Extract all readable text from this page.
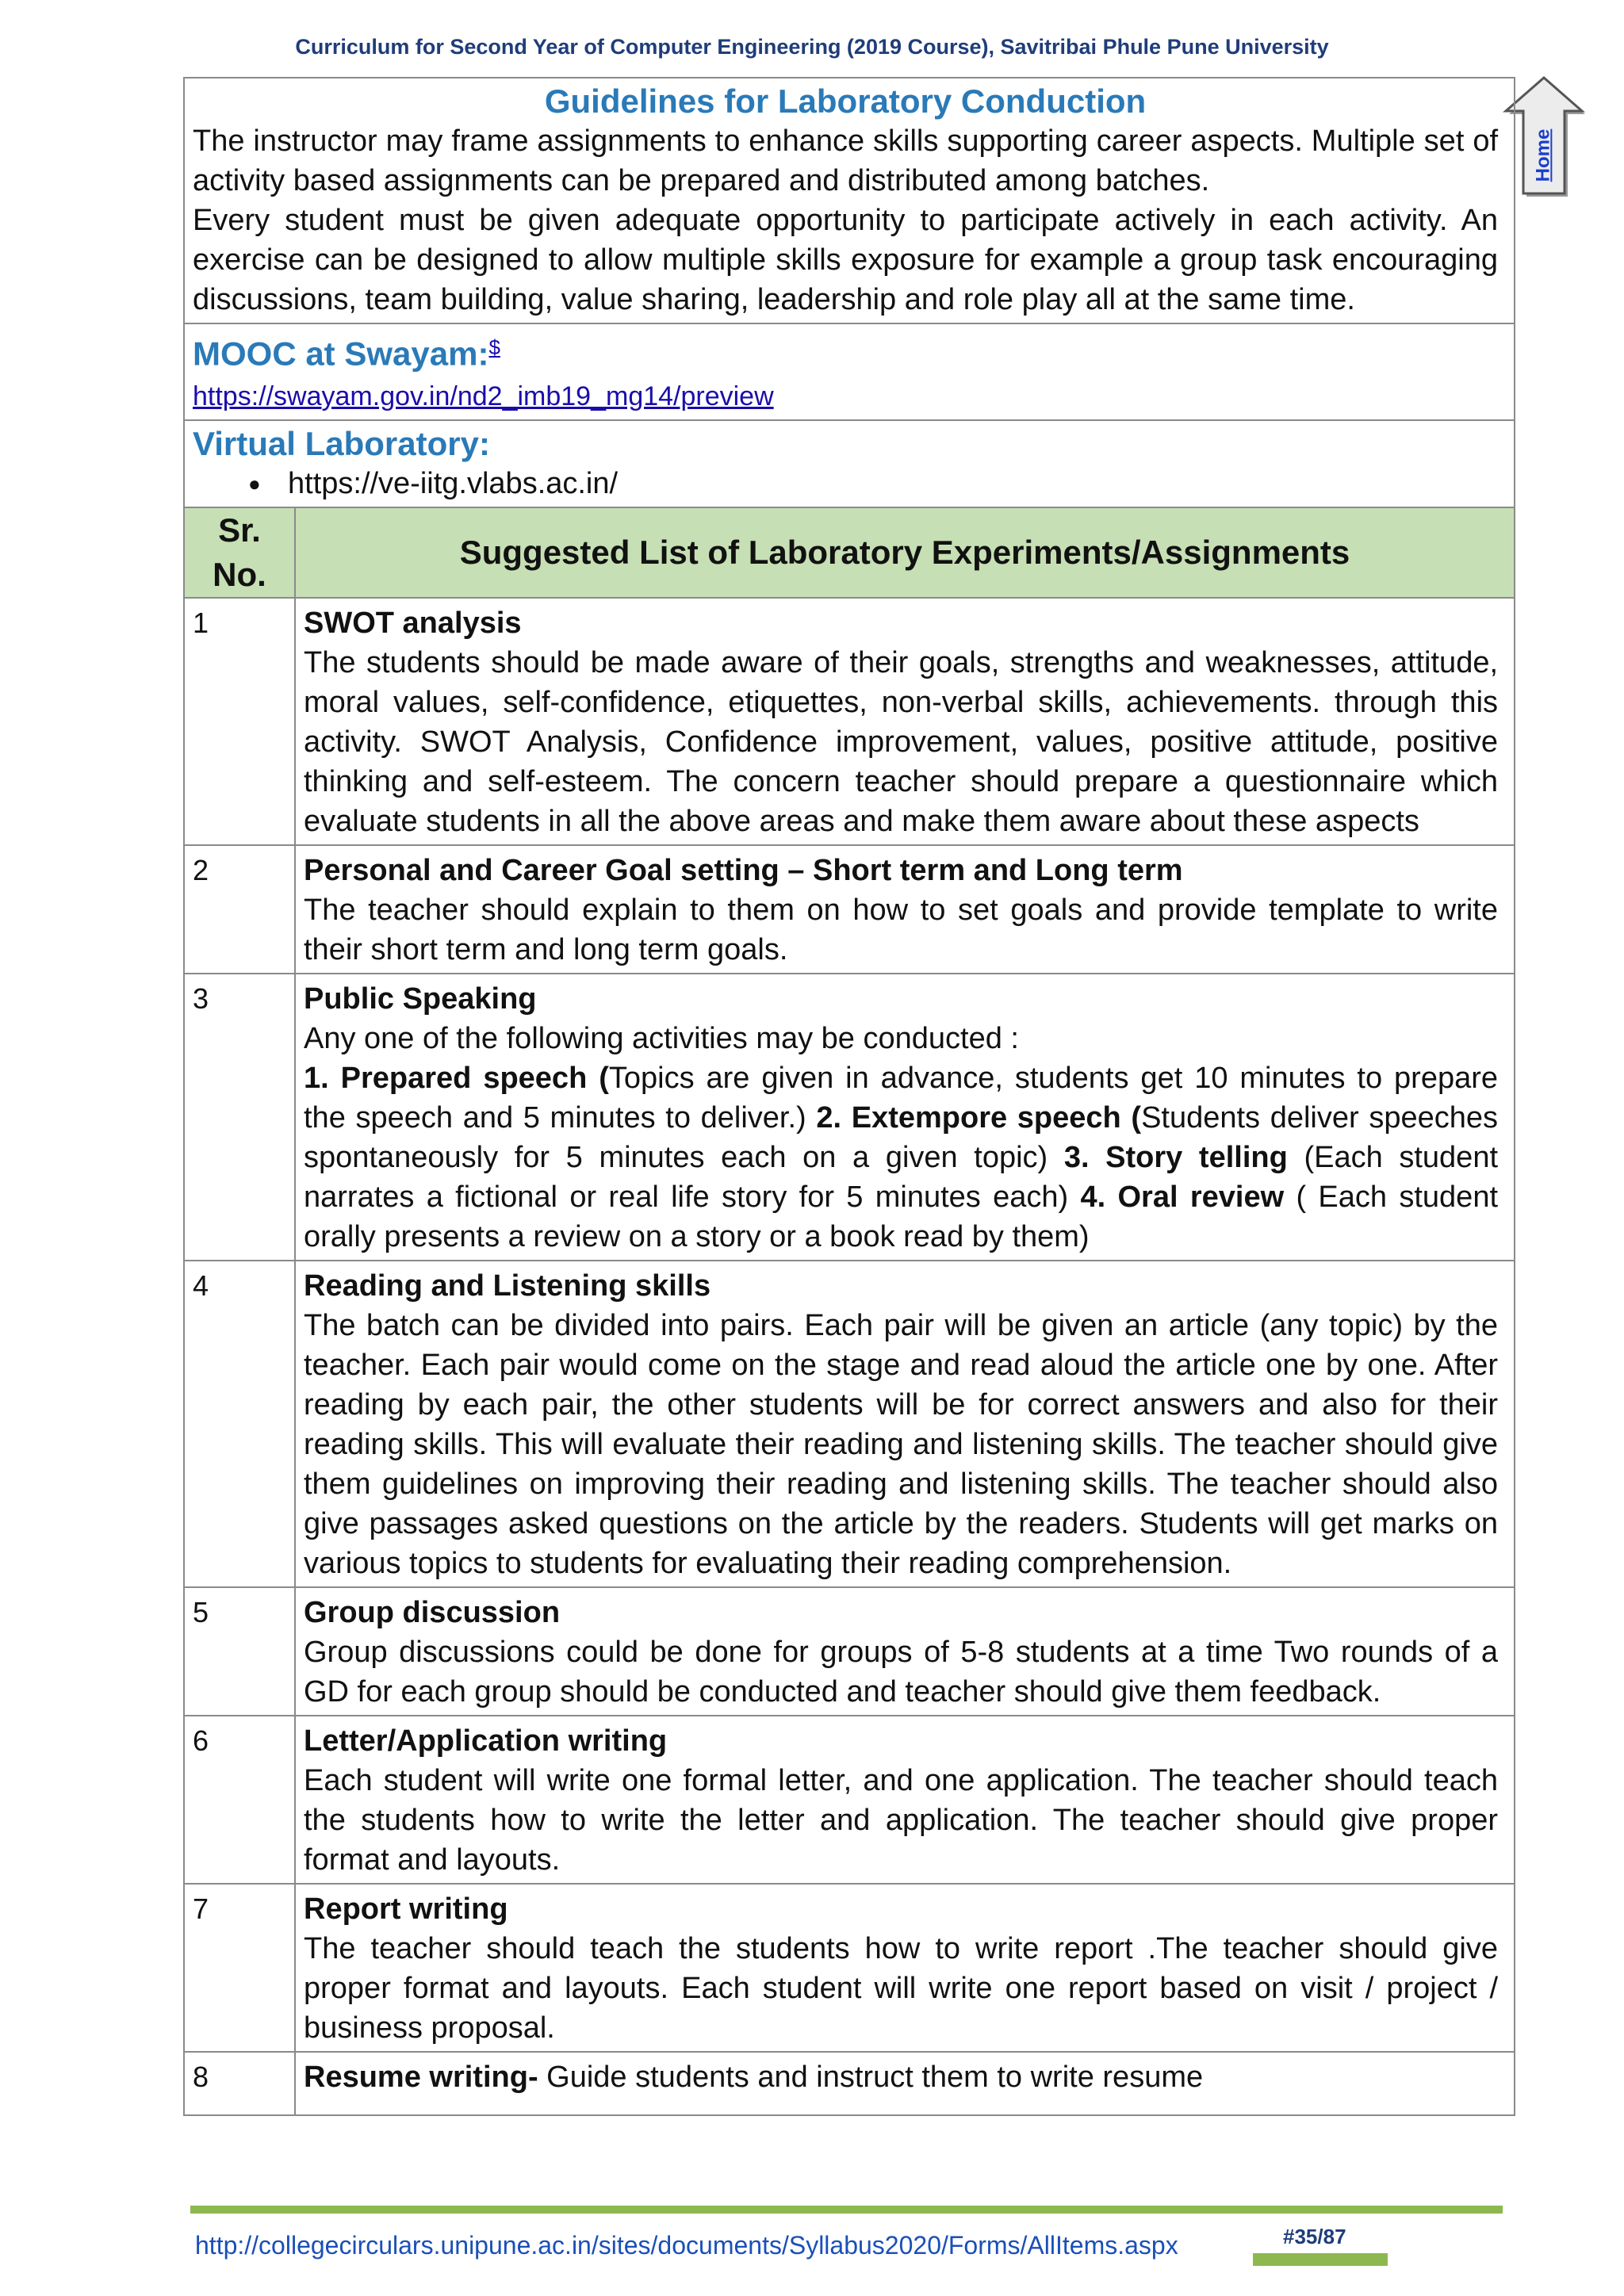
Curriculum for Second Year of Computer Engineering (2019 Course), Savitribai Phule Pune University
Home
Guidelines for Laboratory Conduction

The instructor may frame assignments to enhance skills supporting career aspects. Multiple set of activity based assignments can be prepared and distributed among batches.

Every student must be given adequate opportunity to participate actively in each activity. An exercise can be designed to allow multiple skills exposure for example a group task encouraging discussions, team building, value sharing, leadership and role play all at the same time.	

MOOC at Swayam:$
https://swayam.gov.in/nd2_imb19_mg14/preview	

Virtual Laboratory:
● https://ve-iitg.vlabs.ac.in/	

Sr.
No.	Suggested List of Laboratory Experiments/Assignments
1	SWOT analysis
The students should be made aware of their goals, strengths and weaknesses, attitude, moral values, self-confidence, etiquettes, non-verbal skills, achievements. through this activity. SWOT Analysis, Confidence improvement, values, positive attitude, positive thinking and self-esteem. The concern teacher should prepare a questionnaire which evaluate students in all the above areas and make them aware about these aspects

2	Personal and Career Goal setting – Short term and Long term
The teacher should explain to them on how to set goals and provide template to write their short term and long term goals.

3	Public Speaking
Any one of the following activities may be conducted :
1. Prepared speech (Topics are given in advance, students get 10 minutes to prepare the speech and 5 minutes to deliver.) 2. Extempore speech (Students deliver speeches spontaneously for 5 minutes each on a given topic) 3. Story telling (Each student narrates a fictional or real life story for 5 minutes each) 4. Oral review ( Each student orally presents a review on a story or a book read by them)

4	Reading and Listening skills
The batch can be divided into pairs. Each pair will be given an article (any topic) by the teacher. Each pair would come on the stage and read aloud the article one by one. After reading by each pair, the other students will be for correct answers and also for their reading skills. This will evaluate their reading and listening skills. The teacher should give them guidelines on improving their reading and listening skills. The teacher should also give passages asked questions on the article by the readers. Students will get marks on various topics to students for evaluating their reading comprehension.

5	Group discussion
Group discussions could be done for groups of 5-8 students at a time Two rounds of a GD for each group should be conducted and teacher should give them feedback.

6	Letter/Application writing
Each student will write one formal letter, and one application. The teacher should teach the students how to write the letter and application. The teacher should give proper format and layouts.

7	Report writing
The teacher should teach the students how to write report .The teacher should give proper format and layouts. Each student will write one report based on visit / project / business proposal.

8	Resume writing- Guide students and instruct them to write resume
http://collegecirculars.unipune.ac.in/sites/documents/Syllabus2020/Forms/AllItems.aspx	#35/87
